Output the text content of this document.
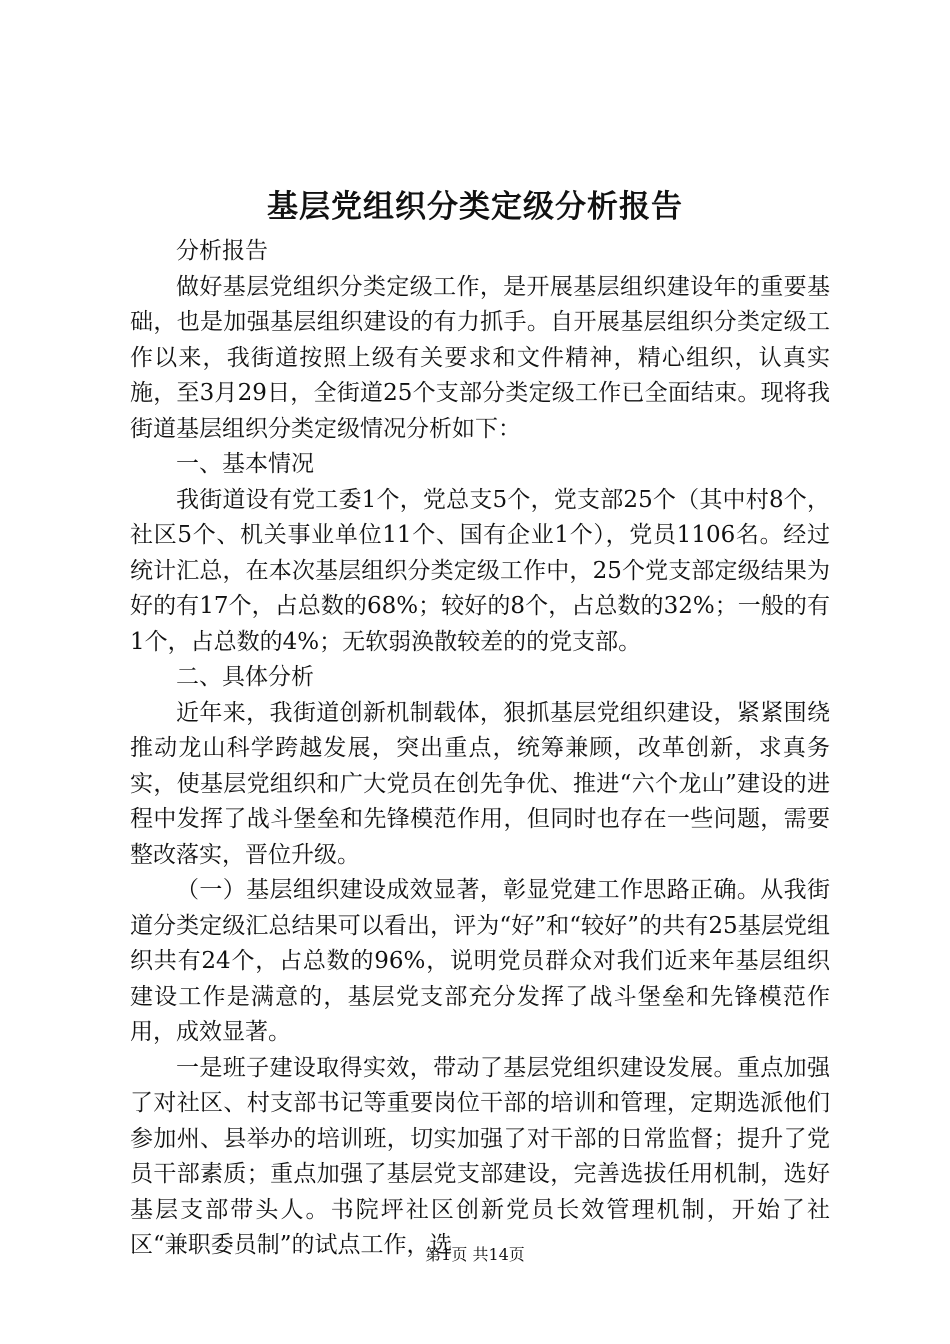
基层党组织分类定级分析报告

分析报告

做好基层党组织分类定级工作，是开展基层组织建设年的重要基础，也是加强基层组织建设的有力抓手。自开展基层组织分类定级工作以来，我街道按照上级有关要求和文件精神，精心组织，认真实施，至3月29日，全街道25个支部分类定级工作已全面结束。现将我街道基层组织分类定级情况分析如下：

一、基本情况

我街道设有党工委1个，党总支5个，党支部25个（其中村8个，社区5个、机关事业单位11个、国有企业1个），党员1106名。经过统计汇总，在本次基层组织分类定级工作中，25个党支部定级结果为好的有17个，占总数的68%；较好的8个，占总数的32%；一般的有1个，占总数的4%；无软弱涣散较差的的党支部。

二、具体分析

近年来，我街道创新机制载体，狠抓基层党组织建设，紧紧围绕推动龙山科学跨越发展，突出重点，统筹兼顾，改革创新，求真务实，使基层党组织和广大党员在创先争优、推进“六个龙山”建设的进程中发挥了战斗堡垒和先锋模范作用，但同时也存在一些问题，需要整改落实，晋位升级。

（一）基层组织建设成效显著，彰显党建工作思路正确。从我街道分类定级汇总结果可以看出，评为“好”和“较好”的共有25基层党组织共有24个，占总数的96%，说明党员群众对我们近来年基层组织建设工作是满意的，基层党支部充分发挥了战斗堡垒和先锋模范作用，成效显著。

一是班子建设取得实效，带动了基层党组织建设发展。重点加强了对社区、村支部书记等重要岗位干部的培训和管理，定期选派他们参加州、县举办的培训班，切实加强了对干部的日常监督；提升了党员干部素质；重点加强了基层党支部建设，完善选拔任用机制，选好基层支部带头人。书院坪社区创新党员长效管理机制，开始了社区“兼职委员制”的试点工作，选

第1页 共14页
